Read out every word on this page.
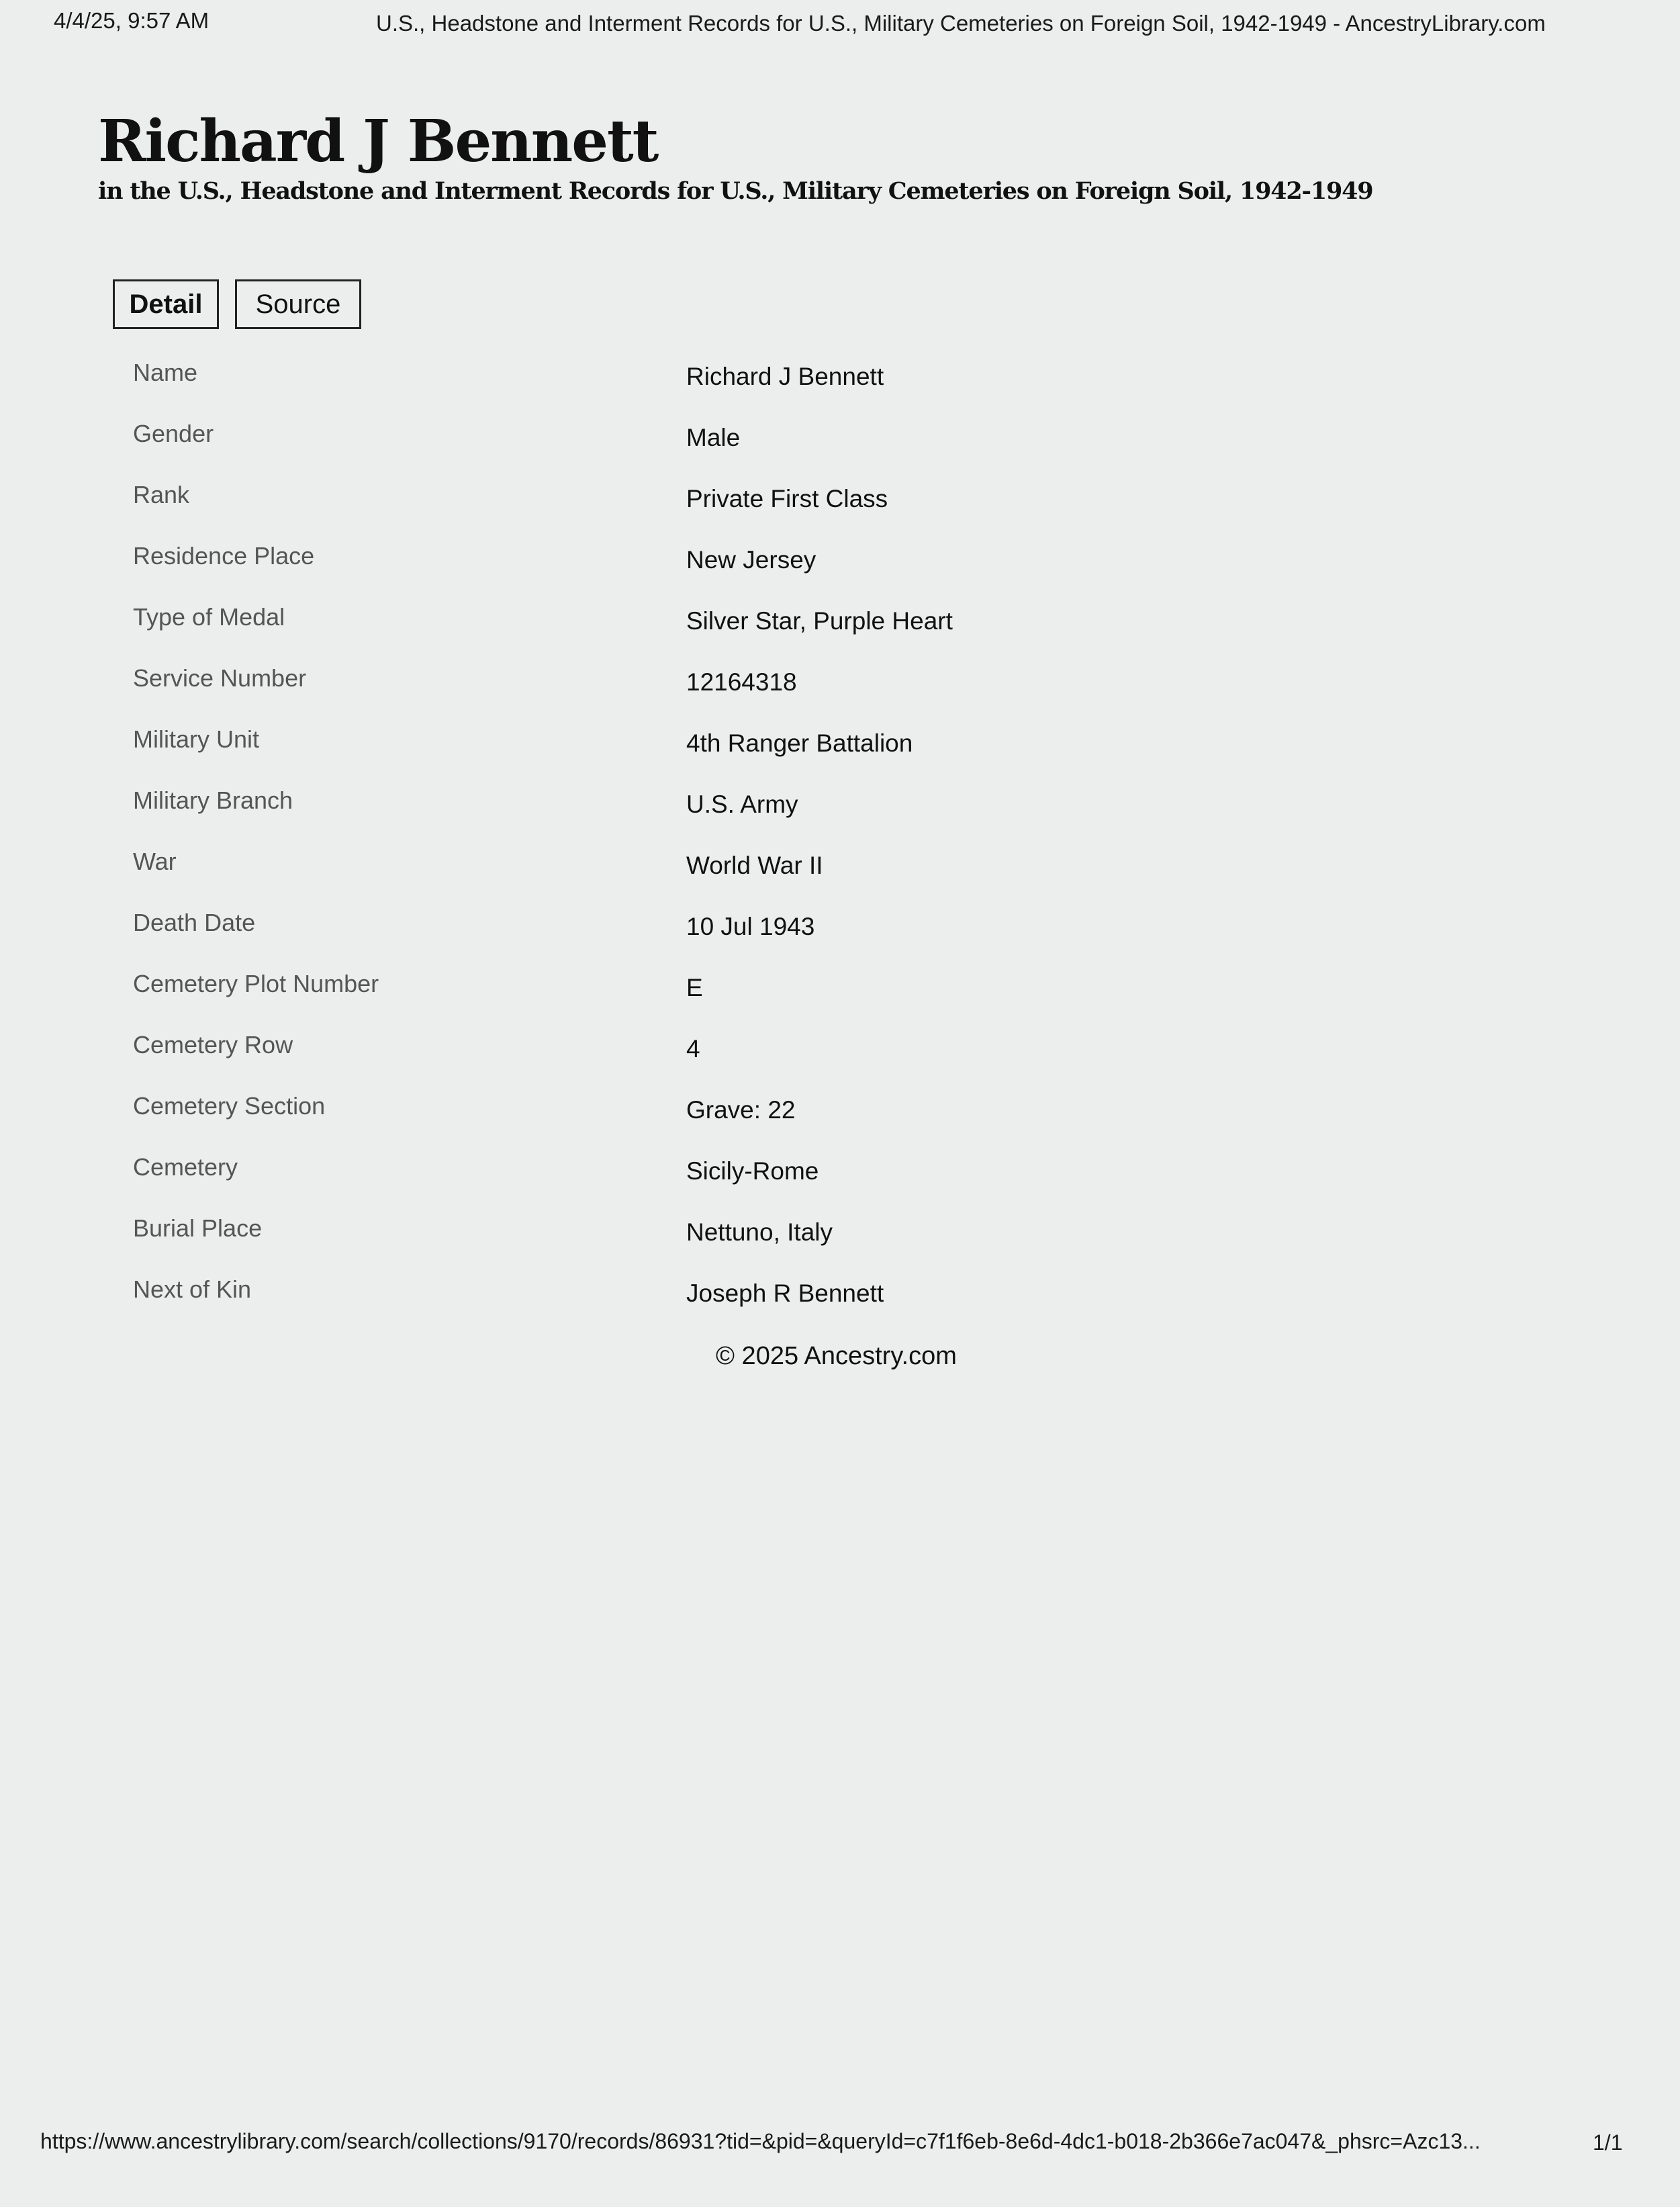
4/4/25, 9:57 AM	U.S., Headstone and Interment Records for U.S., Military Cemeteries on Foreign Soil, 1942-1949 - AncestryLibrary.com
Richard J Bennett
in the U.S., Headstone and Interment Records for U.S., Military Cemeteries on Foreign Soil, 1942-1949
Detail	Source
Name	Richard J Bennett
Gender	Male
Rank	Private First Class
Residence Place	New Jersey
Type of Medal	Silver Star, Purple Heart
Service Number	12164318
Military Unit	4th Ranger Battalion
Military Branch	U.S. Army
War	World War II
Death Date	10 Jul 1943
Cemetery Plot Number	E
Cemetery Row	4
Cemetery Section	Grave: 22
Cemetery	Sicily-Rome
Burial Place	Nettuno, Italy
Next of Kin	Joseph R Bennett
© 2025 Ancestry.com
https://www.ancestrylibrary.com/search/collections/9170/records/86931?tid=&pid=&queryId=c7f1f6eb-8e6d-4dc1-b018-2b366e7ac047&_phsrc=Azc13...	1/1
